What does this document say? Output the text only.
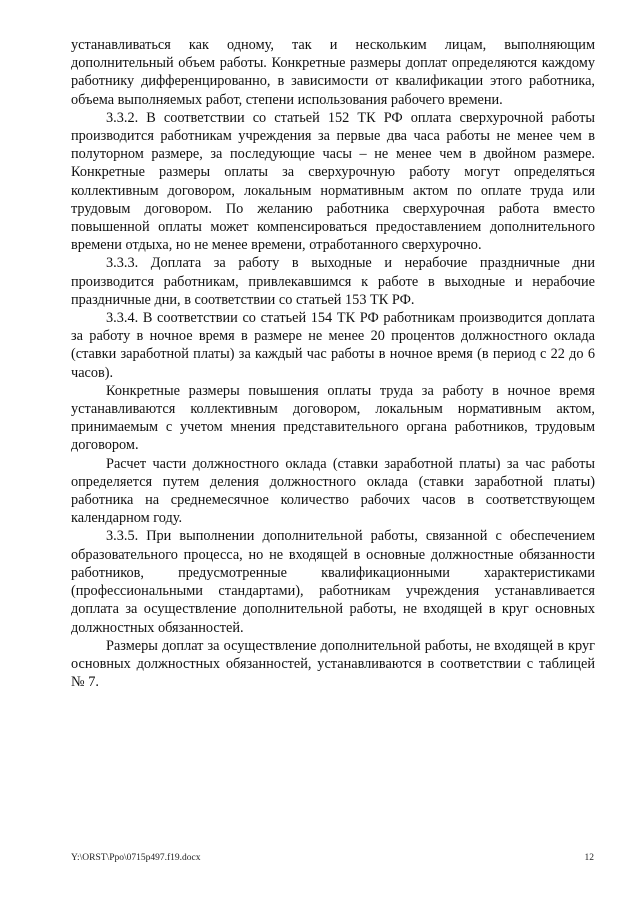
устанавливаться как одному, так и нескольким лицам, выполняющим дополнительный объем работы. Конкретные размеры доплат определяются каждому работнику дифференцированно, в зависимости от квалификации этого работника, объема выполняемых работ, степени использования рабочего времени.

3.3.2. В соответствии со статьей 152 ТК РФ оплата сверхурочной работы производится работникам учреждения за первые два часа работы не менее чем в полуторном размере, за последующие часы – не менее чем в двойном размере. Конкретные размеры оплаты за сверхурочную работу могут определяться коллективным договором, локальным нормативным актом по оплате труда или трудовым договором. По желанию работника сверхурочная работа вместо повышенной оплаты может компенсироваться предоставлением дополнительного времени отдыха, но не менее времени, отработанного сверхурочно.

3.3.3. Доплата за работу в выходные и нерабочие праздничные дни производится работникам, привлекавшимся к работе в выходные и нерабочие праздничные дни, в соответствии со статьей 153 ТК РФ.

3.3.4. В соответствии со статьей 154 ТК РФ работникам производится доплата за работу в ночное время в размере не менее 20 процентов должностного оклада (ставки заработной платы) за каждый час работы в ночное время (в период с 22 до 6 часов).

Конкретные размеры повышения оплаты труда за работу в ночное время устанавливаются коллективным договором, локальным нормативным актом, принимаемым с учетом мнения представительного органа работников, трудовым договором.

Расчет части должностного оклада (ставки заработной платы) за час работы определяется путем деления должностного оклада (ставки заработной платы) работника на среднемесячное количество рабочих часов в соответствующем календарном году.

3.3.5. При выполнении дополнительной работы, связанной с обеспечением образовательного процесса, но не входящей в основные должностные обязанности работников, предусмотренные квалификационными характеристиками (профессиональными стандартами), работникам учреждения устанавливается доплата за осуществление дополнительной работы, не входящей в круг основных должностных обязанностей.

Размеры доплат за осуществление дополнительной работы, не входящей в круг основных должностных обязанностей, устанавливаются в соответствии с таблицей № 7.

Y:\ORST\Ppo\0715p497.f19.docx	12
